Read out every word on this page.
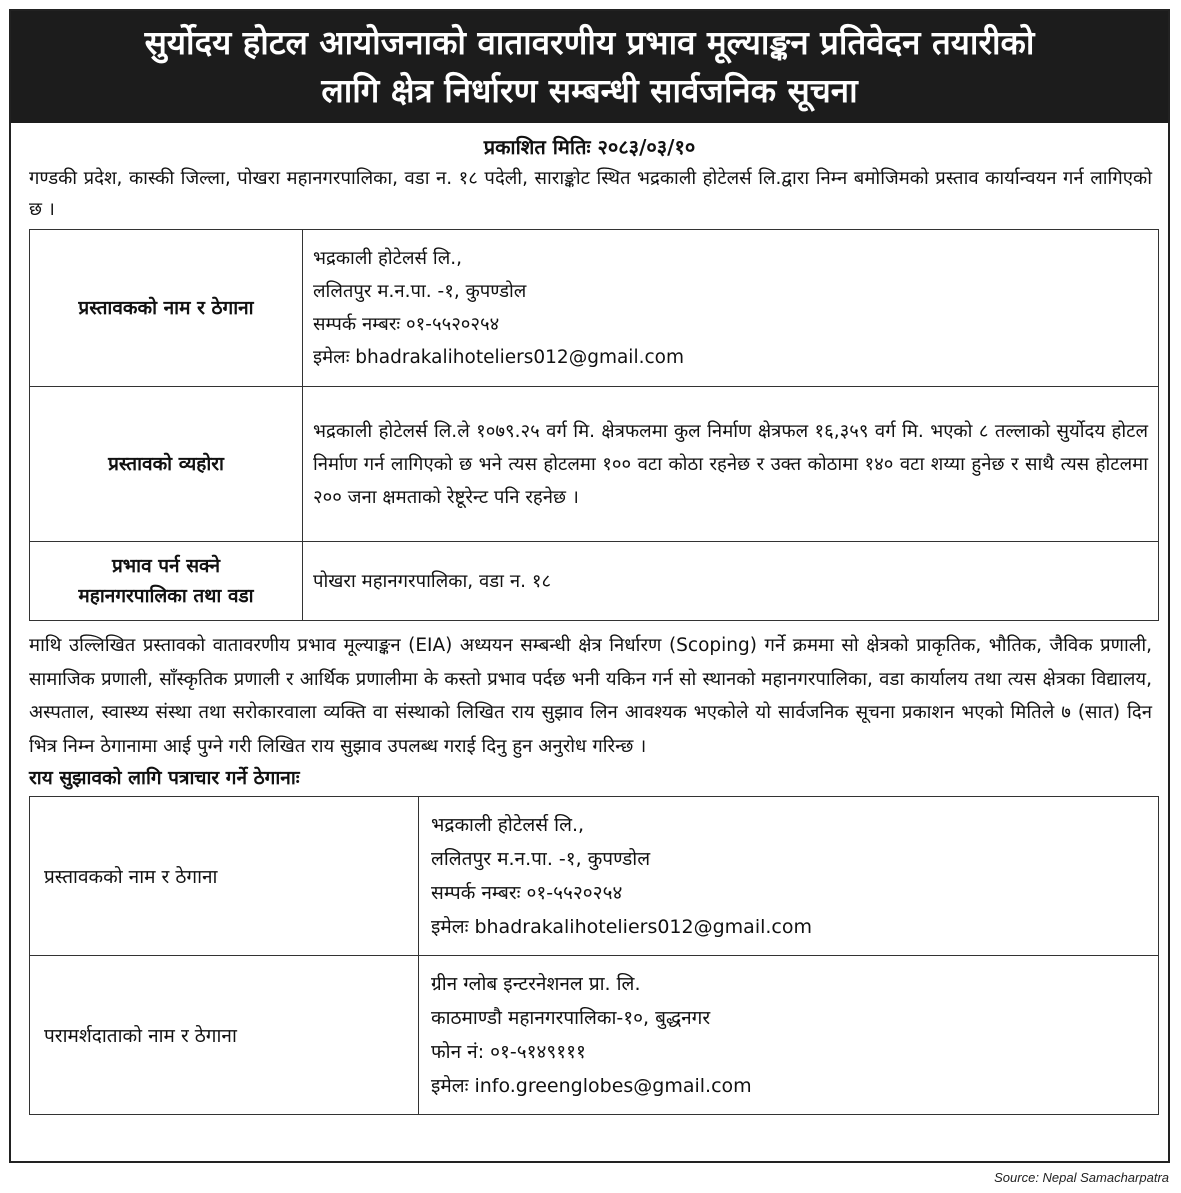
सुर्योदय होटल आयोजनाको वातावरणीय प्रभाव मूल्याङ्कन प्रतिवेदन तयारीको
लागि क्षेत्र निर्धारण सम्बन्धी सार्वजनिक सूचना
प्रकाशित मितिः २०८३/०३/१०
गण्डकी प्रदेश, कास्की जिल्ला, पोखरा महानगरपालिका, वडा न. १८ पदेली, साराङ्कोट स्थित भद्रकाली होटेलर्स लि.द्वारा निम्न बमोजिमको प्रस्ताव कार्यान्वयन गर्न लागिएको छ ।
प्रस्तावकको नाम र ठेगाना	भद्रकाली होटेलर्स लि.,
ललितपुर म.न.पा. -१, कुपण्डोल
सम्पर्क नम्बरः ०१-५५२०२५४
इमेलः bhadrakalihoteliers012@gmail.com

प्रस्तावको व्यहोरा	भद्रकाली होटेलर्स लि.ले १०७९.२५ वर्ग मि. क्षेत्रफलमा कुल निर्माण क्षेत्रफल १६,३५९ वर्ग मि. भएको ८ तल्लाको सुर्योदय होटल निर्माण गर्न लागिएको छ भने त्यस होटलमा १०० वटा कोठा रहनेछ र उक्त कोठामा १४० वटा शय्या हुनेछ र साथै त्यस होटलमा २०० जना क्षमताको रेष्टूरेन्ट पनि रहनेछ ।

प्रभाव पर्न सक्ने
महानगरपालिका तथा वडा	पोखरा महानगरपालिका, वडा न. १८
माथि उल्लिखित प्रस्तावको वातावरणीय प्रभाव मूल्याङ्कन (EIA) अध्ययन सम्बन्धी क्षेत्र निर्धारण (Scoping) गर्ने क्रममा सो क्षेत्रको प्राकृतिक, भौतिक, जैविक प्रणाली, सामाजिक प्रणाली, साँस्कृतिक प्रणाली र आर्थिक प्रणालीमा के कस्तो प्रभाव पर्दछ भनी यकिन गर्न सो स्थानको महानगरपालिका, वडा कार्यालय तथा त्यस क्षेत्रका विद्यालय, अस्पताल, स्वास्थ्य संस्था तथा सरोकारवाला व्यक्ति वा संस्थाको लिखित राय सुझाव लिन आवश्यक भएकोले यो सार्वजनिक सूचना प्रकाशन भएको मितिले ७ (सात) दिन भित्र निम्न ठेगानामा आई पुग्ने गरी लिखित राय सुझाव उपलब्ध गराई दिनु हुन अनुरोध गरिन्छ ।
राय सुझावको लागि पत्राचार गर्ने ठेगानाः
प्रस्तावकको नाम र ठेगाना	भद्रकाली होटेलर्स लि.,
ललितपुर म.न.पा. -१, कुपण्डोल
सम्पर्क नम्बरः ०१-५५२०२५४
इमेलः bhadrakalihoteliers012@gmail.com

परामर्शदाताको नाम र ठेगाना	ग्रीन ग्लोब इन्टरनेशनल प्रा. लि.
काठमाण्डौ महानगरपालिका-१०, बुद्धनगर
फोन नं: ०१-५१४९१११
इमेलः info.greenglobes@gmail.com
Source: Nepal Samacharpatra
